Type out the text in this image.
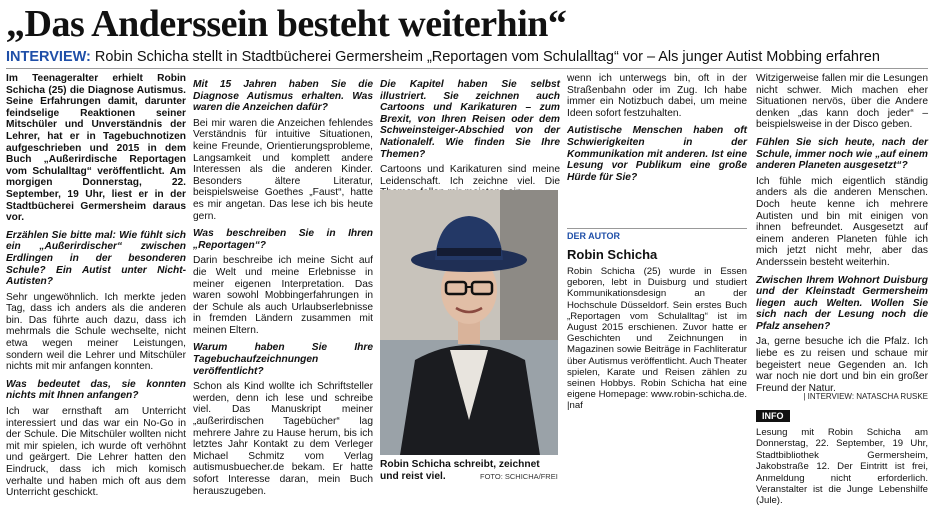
„Das Anderssein besteht weiterhin“
INTERVIEW: Robin Schicha stellt in Stadtbücherei Germersheim „Reportagen vom Schulalltag“ vor – Als junger Autist Mobbing erfahren

Im Teenageralter erhielt Robin Schicha (25) die Diagnose Autismus. Seine Erfahrungen damit, darunter feindselige Reaktionen seiner Mitschüler und Unverständnis der Lehrer, hat er in Tagebuchnotizen aufgeschrieben und 2015 in dem Buch „Außerirdische Reportagen vom Schulalltag“ veröffentlicht. Am morgigen Donnerstag, 22. September, 19 Uhr, liest er in der Stadtbücherei Germersheim daraus vor.

Erzählen Sie bitte mal: Wie fühlt sich ein „Außerirdischer“ zwischen Erdlingen in der besonderen Schule? Ein Autist unter Nicht-Autisten?

Sehr ungewöhnlich. Ich merkte jeden Tag, dass ich anders als die anderen bin. Das führte auch dazu, dass ich mehrmals die Schule wechselte, nicht etwa wegen meiner Leistungen, sondern weil die Lehrer und Mitschüler nichts mit mir anfangen konnten.

Was bedeutet das, sie konnten nichts mit Ihnen anfangen?

Ich war ernsthaft am Unterricht interessiert und das war ein No-Go in der Schule. Die Mitschüler wollten nicht mit mir spielen, ich wurde oft verhöhnt und geärgert. Die Lehrer hatten den Eindruck, dass ich mich komisch verhalte und haben mich oft aus dem Unterricht geschickt.

Mit 15 Jahren haben Sie die Diagnose Autismus erhalten. Was waren die Anzeichen dafür?

Bei mir waren die Anzeichen fehlendes Verständnis für intuitive Situationen, keine Freunde, Orientierungsprobleme, Langsamkeit und komplett andere Interessen als die anderen Kinder. Besonders ältere Literatur, beispielsweise Goethes „Faust“, hatte es mir angetan. Das lese ich bis heute gern.

Was beschreiben Sie in Ihren „Reportagen“?

Darin beschreibe ich meine Sicht auf die Welt und meine Erlebnisse in meiner eigenen Interpretation. Das waren sowohl Mobbingerfahrungen in der Schule als auch Urlaubserlebnisse in fremden Ländern zusammen mit meinen Eltern.

Warum haben Sie Ihre Tagebuchaufzeichnungen veröffentlicht?

Schon als Kind wollte ich Schriftsteller werden, denn ich lese und schreibe viel. Das Manuskript meiner „außerirdischen Tagebücher“ lag mehrere Jahre zu Hause herum, bis ich letztes Jahr Kontakt zu dem Verleger Michael Schmitz vom Verlag autismusbuecher.de bekam. Er hatte sofort Interesse daran, mein Buch herauszugeben.

Die Kapitel haben Sie selbst illustriert. Sie zeichnen auch Cartoons und Karikaturen – zum Brexit, von Ihren Reisen oder dem Schweinsteiger-Abschied von der Nationalelf. Wie finden Sie Ihre Themen?

Cartoons und Karikaturen sind meine Leidenschaft. Ich zeichne viel. Die

Robin Schicha schreibt, zeichnet und reist viel.	FOTO: SCHICHA/FREI

wenn ich unterwegs bin, oft in der Straßenbahn oder im Zug. Ich habe immer ein Notizbuch dabei, um meine Ideen sofort festzuhalten.

Autistische Menschen haben oft Schwierigkeiten in der Kommunikation mit anderen. Ist eine Lesung vor Publikum eine große Hürde für Sie?

DER AUTOR
Robin Schicha
Robin Schicha (25) wurde in Essen geboren, lebt in Duisburg und studiert Kommunikationsdesign an der Hochschule Düsseldorf. Sein erstes Buch „Reportagen vom Schulalltag“ ist im August 2015 erschienen. Zuvor hatte er Geschichten und Zeichnungen in Magazinen sowie Beiträge in Fachliteratur über Autismus veröffentlicht. Auch Theater spielen, Karate und Reisen zählen zu seinen Hobbys. Robin Schicha hat eine eigene Homepage: www.robin-schicha.de. |naf

Witzigerweise fallen mir die Lesungen nicht schwer. Mich machen eher Situationen nervös, über die Andere denken „das kann doch jeder“ – beispielsweise in der Disco geben.

Fühlen Sie sich heute, nach der Schule, immer noch wie „auf einem anderen Planeten ausgesetzt“?

Ich fühle mich eigentlich ständig anders als die anderen Menschen. Doch heute kenne ich mehrere Autisten und bin mit einigen von ihnen befreundet. Ausgesetzt auf einem anderen Planeten fühle ich mich jetzt nicht mehr, aber das Anderssein besteht weiterhin.

Zwischen Ihrem Wohnort Duisburg und der Kleinstadt Germersheim liegen auch Welten. Wollen Sie sich nach der Lesung noch die Pfalz ansehen?

Ja, gerne besuche ich die Pfalz. Ich liebe es zu reisen und schaue mir begeistert neue Gegenden an. Ich war noch nie dort und bin ein großer Freund der Natur.

| INTERVIEW: NATASCHA RUSKE
INFO
Lesung mit Robin Schicha am Donnerstag, 22. September, 19 Uhr, Stadtbibliothek Germersheim, Jakobstraße 12. Der Eintritt ist frei, Anmeldung nicht erforderlich. Veranstalter ist die Junge Lebenshilfe (Jule).
